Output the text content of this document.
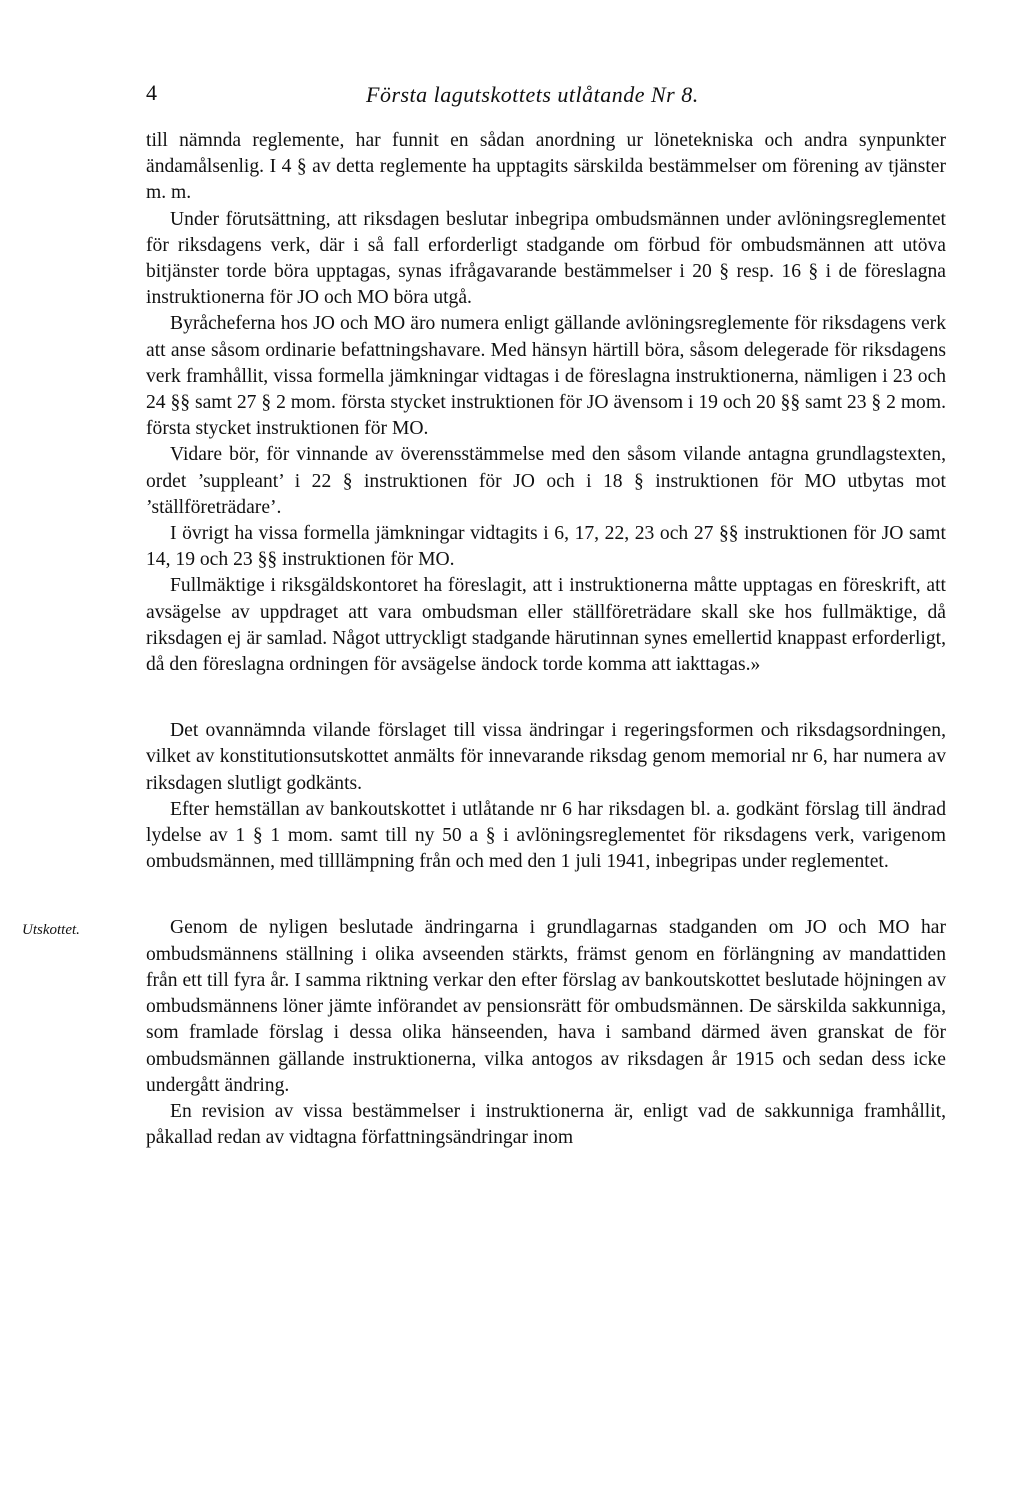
4	Första lagutskottets utlåtande Nr 8.

till nämnda reglemente, har funnit en sådan anordning ur lönetekniska och andra synpunkter ändamålsenlig. I 4 § av detta reglemente ha upptagits särskilda bestämmelser om förening av tjänster m. m.

Under förutsättning, att riksdagen beslutar inbegripa ombudsmännen under avlöningsreglementet för riksdagens verk, där i så fall erforderligt stadgande om förbud för ombudsmännen att utöva bitjänster torde böra upptagas, synas ifrågavarande bestämmelser i 20 § resp. 16 § i de föreslagna instruktionerna för JO och MO böra utgå.

Byråcheferna hos JO och MO äro numera enligt gällande avlöningsreglemente för riksdagens verk att anse såsom ordinarie befattningshavare. Med hänsyn härtill böra, såsom delegerade för riksdagens verk framhållit, vissa formella jämkningar vidtagas i de föreslagna instruktionerna, nämligen i 23 och 24 §§ samt 27 § 2 mom. första stycket instruktionen för JO ävensom i 19 och 20 §§ samt 23 § 2 mom. första stycket instruktionen för MO.

Vidare bör, för vinnande av överensstämmelse med den såsom vilande antagna grundlagstexten, ordet ’suppleant’ i 22 § instruktionen för JO och i 18 § instruktionen för MO utbytas mot ’ställföreträdare’.

I övrigt ha vissa formella jämkningar vidtagits i 6, 17, 22, 23 och 27 §§ instruktionen för JO samt 14, 19 och 23 §§ instruktionen för MO.

Fullmäktige i riksgäldskontoret ha föreslagit, att i instruktionerna måtte upptagas en föreskrift, att avsägelse av uppdraget att vara ombudsman eller ställföreträdare skall ske hos fullmäktige, då riksdagen ej är samlad. Något uttryckligt stadgande härutinnan synes emellertid knappast erforderligt, då den föreslagna ordningen för avsägelse ändock torde komma att iakttagas.»

Det ovannämnda vilande förslaget till vissa ändringar i regeringsformen och riksdagsordningen, vilket av konstitutionsutskottet anmälts för innevarande riksdag genom memorial nr 6, har numera av riksdagen slutligt godkänts.

Efter hemställan av bankoutskottet i utlåtande nr 6 har riksdagen bl. a. godkänt förslag till ändrad lydelse av 1 § 1 mom. samt till ny 50 a § i avlöningsreglementet för riksdagens verk, varigenom ombudsmännen, med tilllämpning från och med den 1 juli 1941, inbegripas under reglementet.

Utskottet.	Genom de nyligen beslutade ändringarna i grundlagarnas stadganden om JO och MO har ombudsmännens ställning i olika avseenden stärkts, främst genom en förlängning av mandattiden från ett till fyra år. I samma riktning verkar den efter förslag av bankoutskottet beslutade höjningen av ombudsmännens löner jämte införandet av pensionsrätt för ombudsmännen. De särskilda sakkunniga, som framlade förslag i dessa olika hänseenden, hava i samband därmed även granskat de för ombudsmännen gällande instruktionerna, vilka antogos av riksdagen år 1915 och sedan dess icke undergått ändring.

En revision av vissa bestämmelser i instruktionerna är, enligt vad de sakkunniga framhållit, påkallad redan av vidtagna författningsändringar inom
